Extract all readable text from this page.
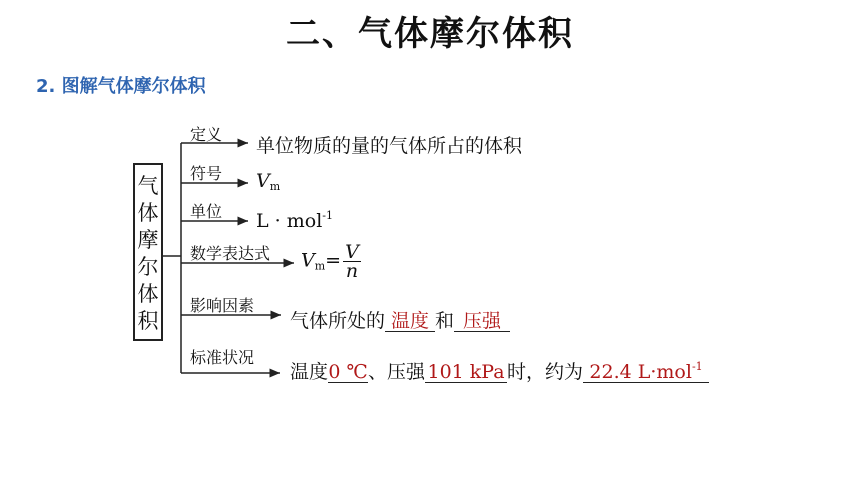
二、气体摩尔体积
2. 图解气体摩尔体积
气
体
摩
尔
体
积
定义
单位物质的量的气体所占的体积
符号 $V_m$
单位 L · mol$^{-1}$
数学表达式 $V_m= \frac{V}{n}$
影响因素
气体所处的 温度 和 压强
标准状况
温度0 ℃、压强 101 kPa 时，约为 22.4 L·mol$^{-1}$
